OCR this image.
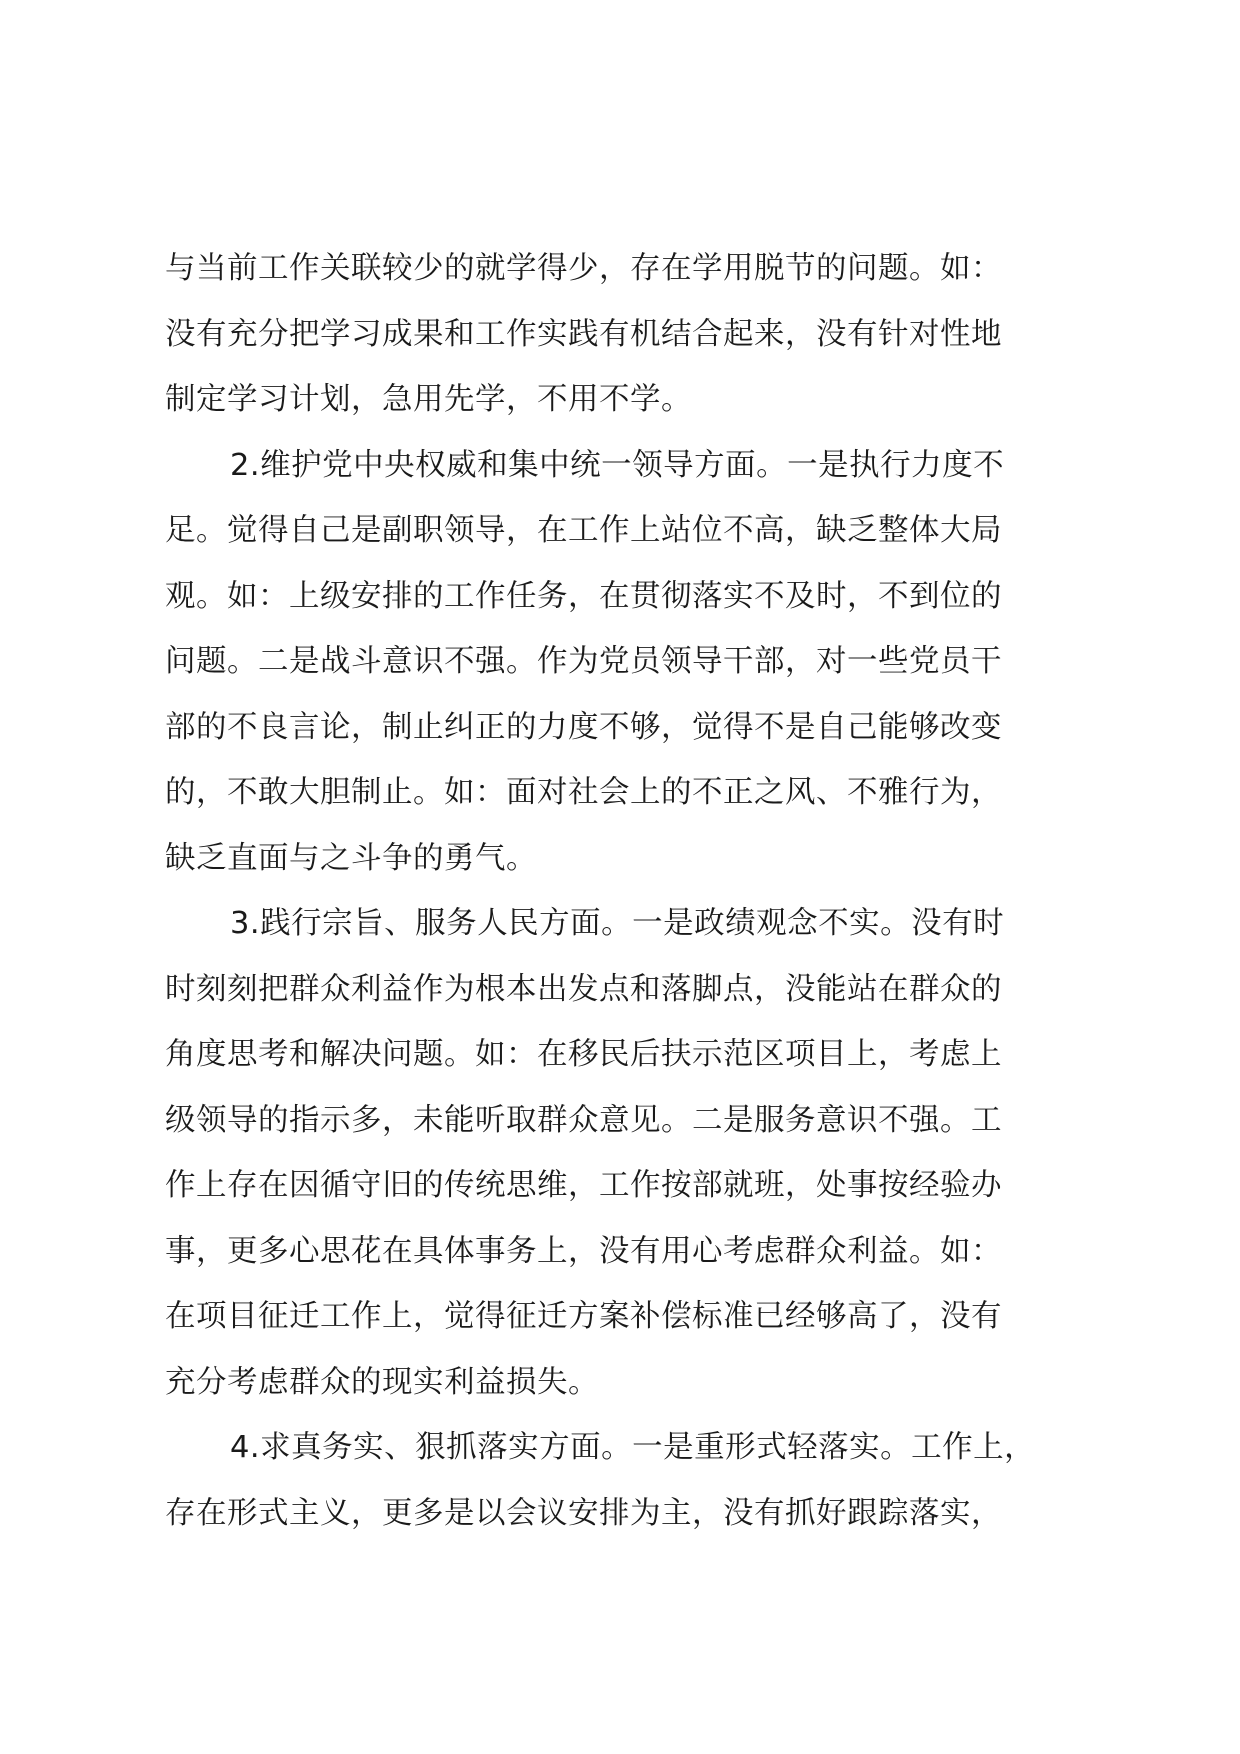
与当前工作关联较少的就学得少，存在学用脱节的问题。如：
没有充分把学习成果和工作实践有机结合起来，没有针对性地
制定学习计划，急用先学，不用不学。
2.维护党中央权威和集中统一领导方面。一是执行力度不
足。觉得自己是副职领导，在工作上站位不高，缺乏整体大局
观。如：上级安排的工作任务，在贯彻落实不及时，不到位的
问题。二是战斗意识不强。作为党员领导干部，对一些党员干
部的不良言论，制止纠正的力度不够，觉得不是自己能够改变
的，不敢大胆制止。如：面对社会上的不正之风、不雅行为，
缺乏直面与之斗争的勇气。
3.践行宗旨、服务人民方面。一是政绩观念不实。没有时
时刻刻把群众利益作为根本出发点和落脚点，没能站在群众的
角度思考和解决问题。如：在移民后扶示范区项目上，考虑上
级领导的指示多，未能听取群众意见。二是服务意识不强。工
作上存在因循守旧的传统思维，工作按部就班，处事按经验办
事，更多心思花在具体事务上，没有用心考虑群众利益。如：
在项目征迁工作上，觉得征迁方案补偿标准已经够高了，没有
充分考虑群众的现实利益损失。
4.求真务实、狠抓落实方面。一是重形式轻落实。工作上，
存在形式主义，更多是以会议安排为主，没有抓好跟踪落实，
